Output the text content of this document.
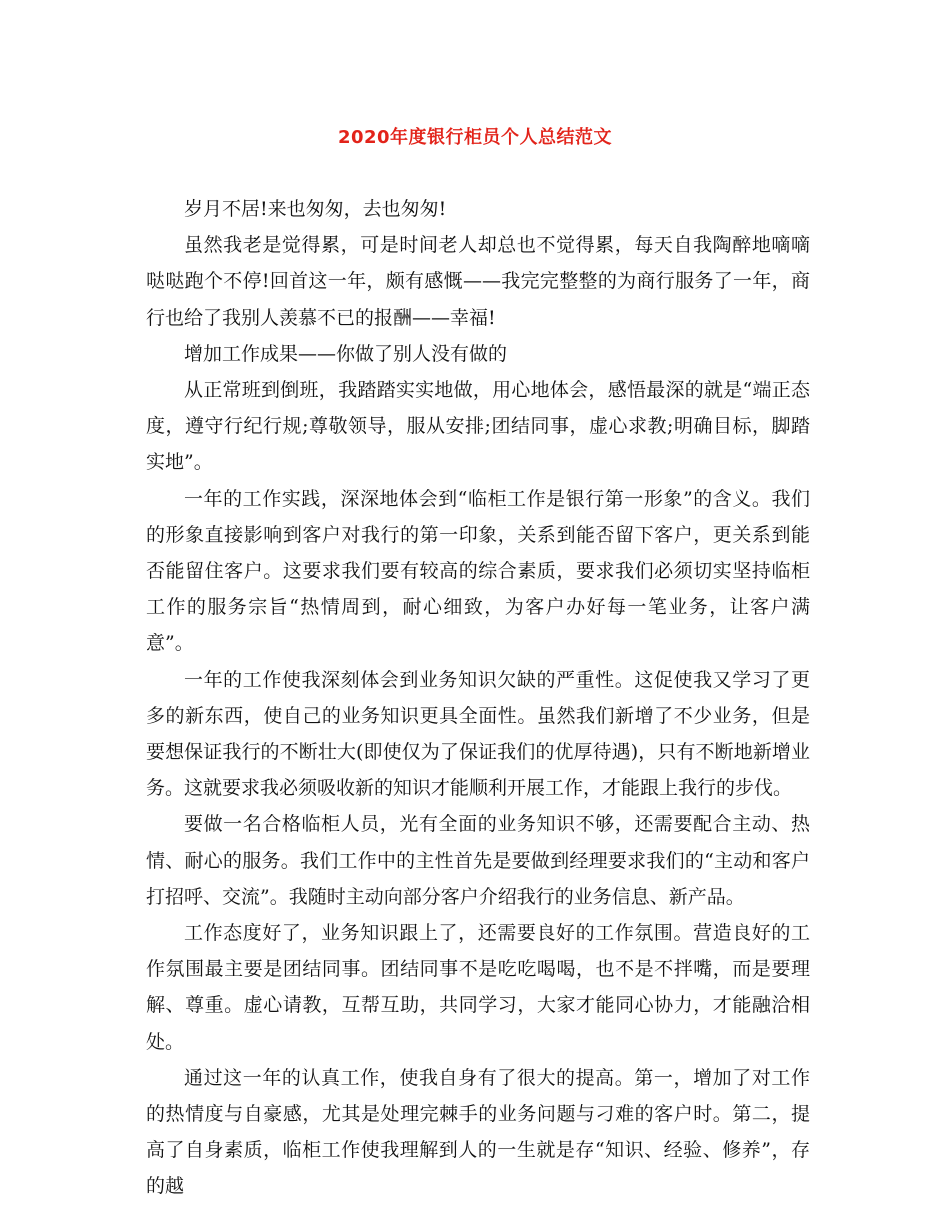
2020年度银行柜员个人总结范文

岁月不居!来也匆匆，去也匆匆!

虽然我老是觉得累，可是时间老人却总也不觉得累，每天自我陶醉地嘀嘀哒哒跑个不停!回首这一年，颇有感慨——我完完整整的为商行服务了一年，商行也给了我别人羡慕不已的报酬——幸福!

增加工作成果——你做了别人没有做的

从正常班到倒班，我踏踏实实地做，用心地体会，感悟最深的就是“端正态度，遵守行纪行规;尊敬领导，服从安排;团结同事，虚心求教;明确目标，脚踏实地”。

一年的工作实践，深深地体会到“临柜工作是银行第一形象”的含义。我们的形象直接影响到客户对我行的第一印象，关系到能否留下客户，更关系到能否能留住客户。这要求我们要有较高的综合素质，要求我们必须切实坚持临柜工作的服务宗旨“热情周到，耐心细致，为客户办好每一笔业务，让客户满意”。

一年的工作使我深刻体会到业务知识欠缺的严重性。这促使我又学习了更多的新东西，使自己的业务知识更具全面性。虽然我们新增了不少业务，但是要想保证我行的不断壮大(即使仅为了保证我们的优厚待遇)，只有不断地新增业务。这就要求我必须吸收新的知识才能顺利开展工作，才能跟上我行的步伐。

要做一名合格临柜人员，光有全面的业务知识不够，还需要配合主动、热情、耐心的服务。我们工作中的主性首先是要做到经理要求我们的“主动和客户打招呼、交流”。我随时主动向部分客户介绍我行的业务信息、新产品。

工作态度好了，业务知识跟上了，还需要良好的工作氛围。营造良好的工作氛围最主要是团结同事。团结同事不是吃吃喝喝，也不是不拌嘴，而是要理解、尊重。虚心请教，互帮互助，共同学习，大家才能同心协力，才能融洽相处。

通过这一年的认真工作，使我自身有了很大的提高。第一，增加了对工作的热情度与自豪感，尤其是处理完棘手的业务问题与刁难的客户时。第二，提高了自身素质，临柜工作使我理解到人的一生就是存“知识、经验、修养”，存的越
